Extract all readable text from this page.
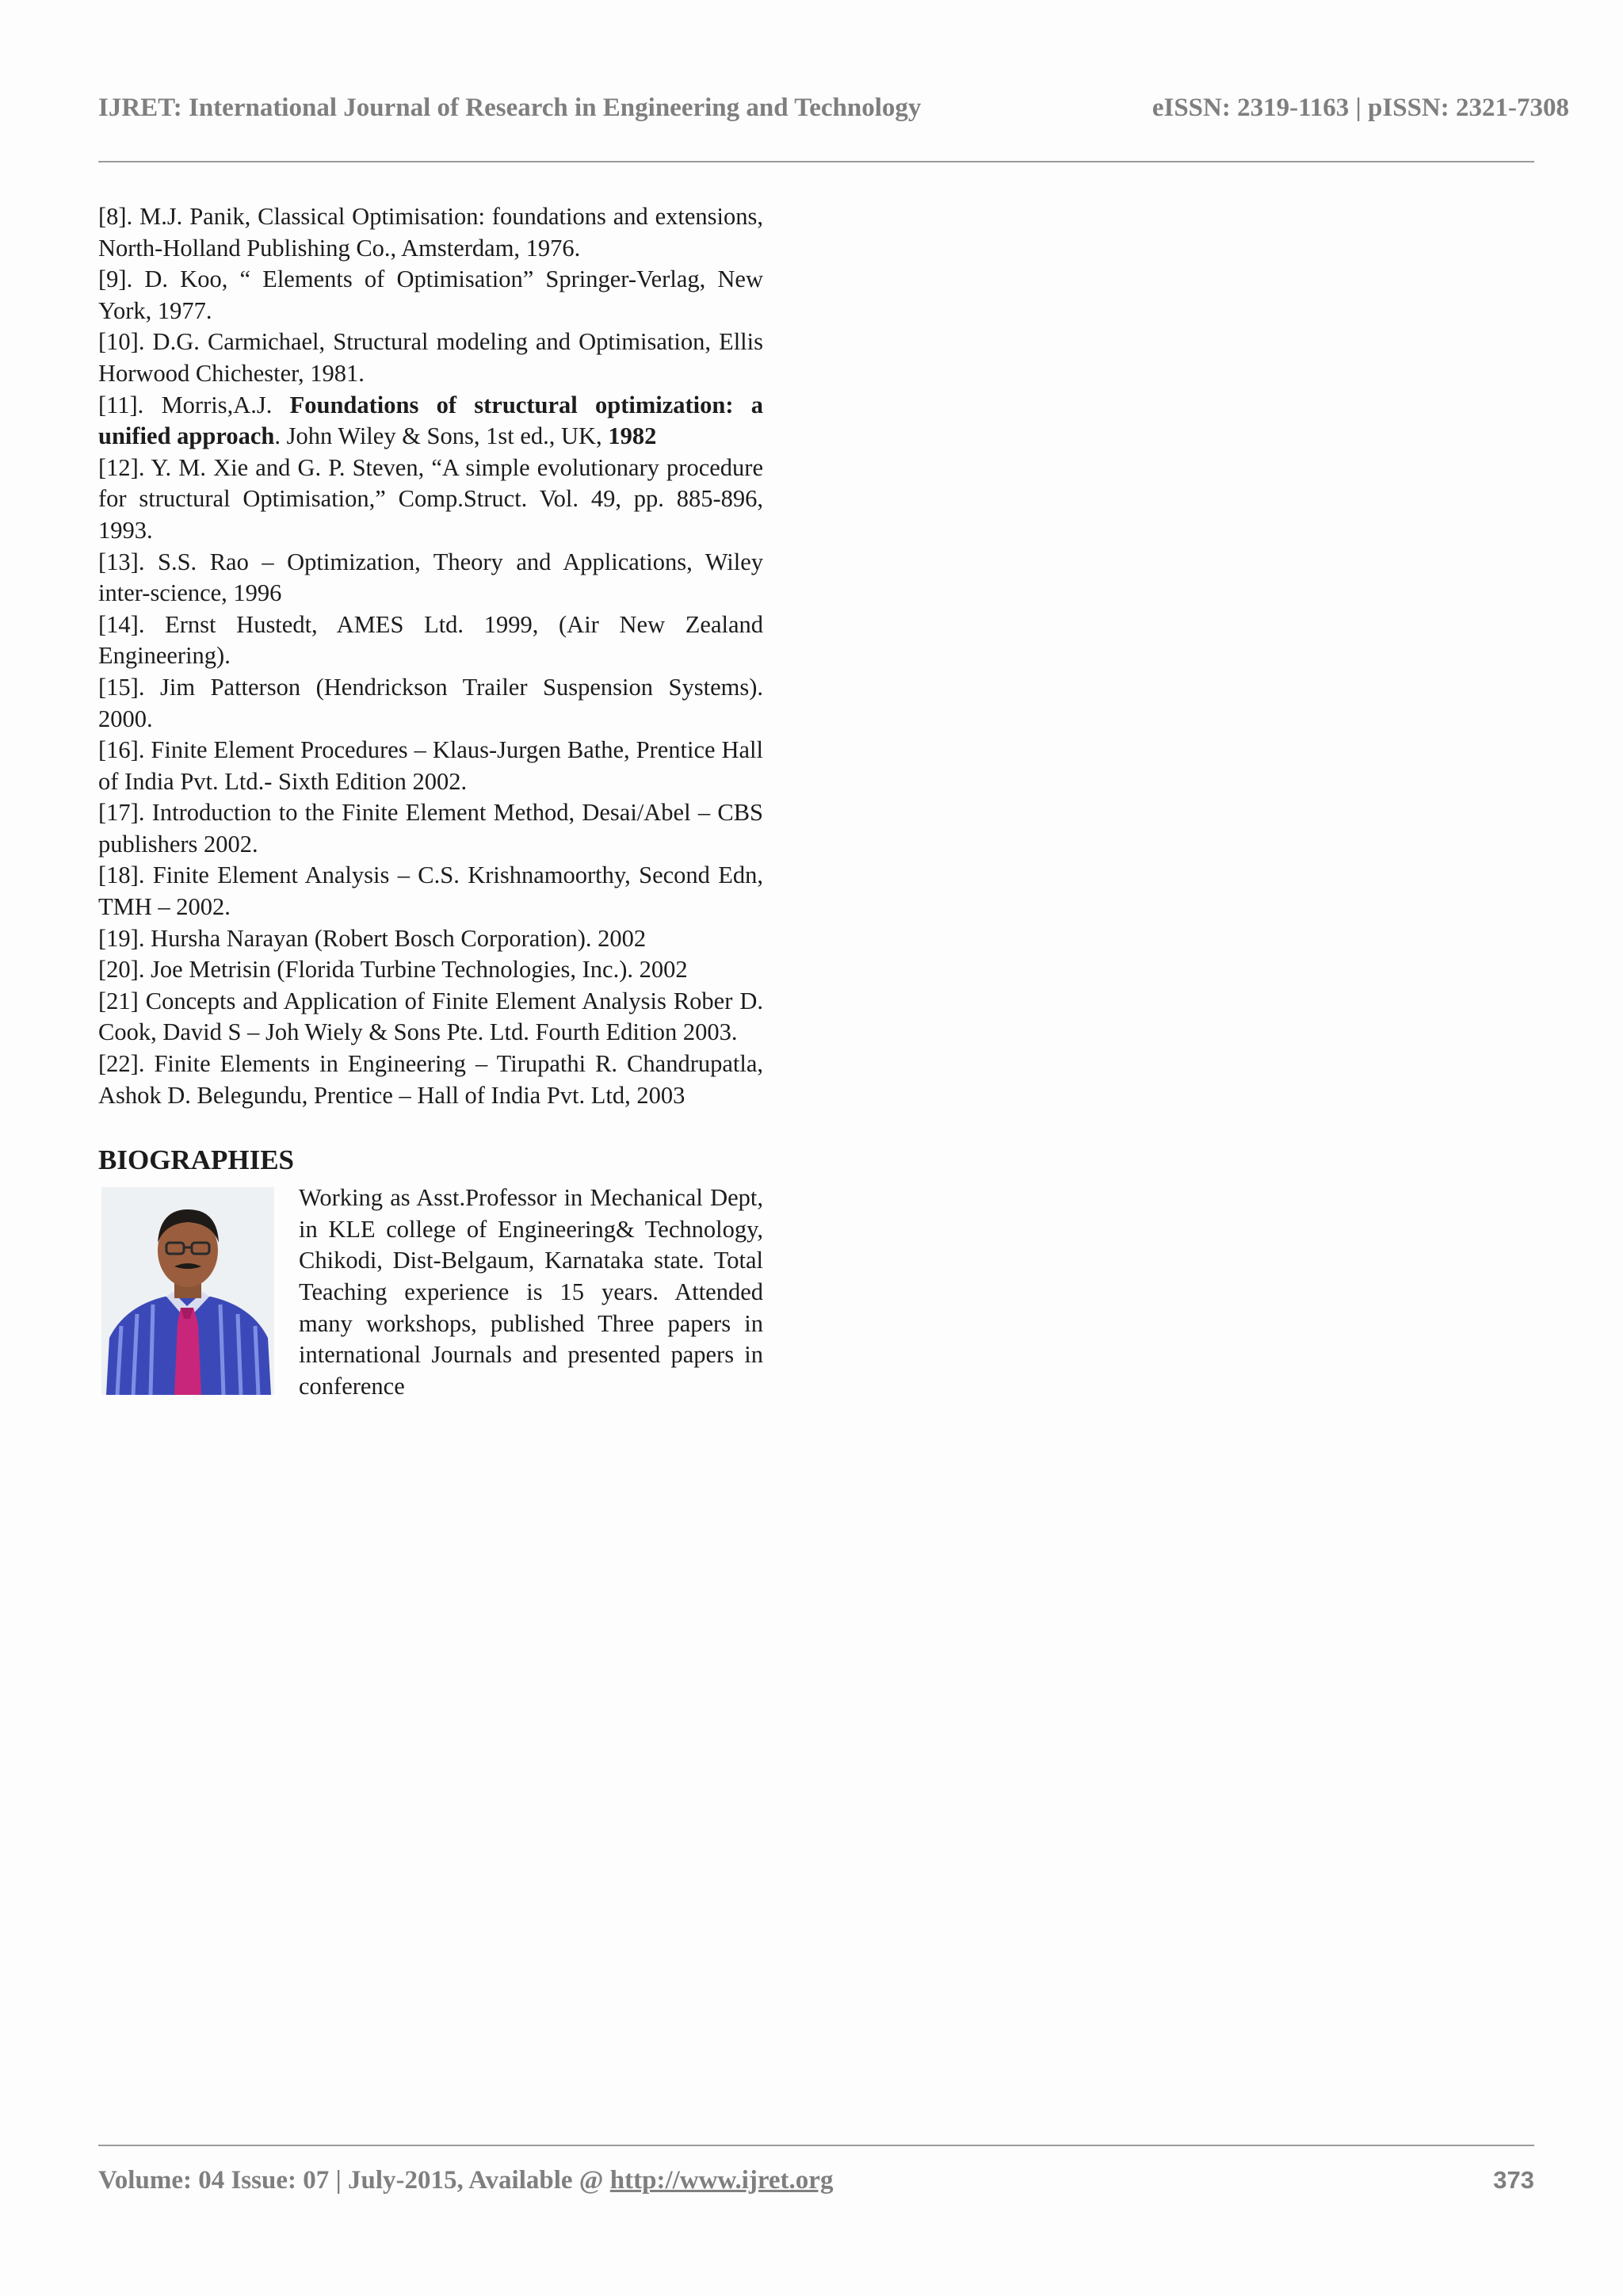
IJRET: International Journal of Research in Engineering and Technology	eISSN: 2319-1163 | pISSN: 2321-7308

[8]. M.J. Panik, Classical Optimisation: foundations and extensions, North-Holland Publishing Co., Amsterdam, 1976.

[9]. D. Koo, “ Elements of Optimisation” Springer-Verlag, New York, 1977.

[10]. D.G. Carmichael, Structural modeling and Optimisation, Ellis Horwood Chichester, 1981.

[11]. Morris,A.J. Foundations of structural optimization: a unified approach. John Wiley & Sons, 1st ed., UK, 1982

[12]. Y. M. Xie and G. P. Steven, “A simple evolutionary procedure for structural Optimisation,” Comp.Struct. Vol. 49, pp. 885-896, 1993.

[13]. S.S. Rao – Optimization, Theory and Applications, Wiley inter-science, 1996

[14]. Ernst Hustedt, AMES Ltd. 1999, (Air New Zealand Engineering).

[15]. Jim Patterson (Hendrickson Trailer Suspension Systems). 2000.

[16]. Finite Element Procedures – Klaus-Jurgen Bathe, Prentice Hall of India Pvt. Ltd.- Sixth Edition 2002.

[17]. Introduction to the Finite Element Method, Desai/Abel – CBS publishers 2002.

[18]. Finite Element Analysis – C.S. Krishnamoorthy, Second Edn, TMH – 2002.

[19]. Hursha Narayan (Robert Bosch Corporation). 2002

[20]. Joe Metrisin (Florida Turbine Technologies, Inc.). 2002

[21] Concepts and Application of Finite Element Analysis Rober D. Cook, David S – Joh Wiely & Sons Pte. Ltd. Fourth Edition 2003.

[22]. Finite Elements in Engineering – Tirupathi R. Chandrupatla, Ashok D. Belegundu, Prentice – Hall of India Pvt. Ltd, 2003

BIOGRAPHIES

Working as Asst.Professor in Mechanical Dept, in KLE college of Engineering& Technology, Chikodi, Dist-Belgaum, Karnataka state. Total Teaching experience is 15 years. Attended many workshops, published Three papers in international Journals and presented papers in conference

Volume: 04 Issue: 07 | July-2015, Available @ http://www.ijret.org	373
